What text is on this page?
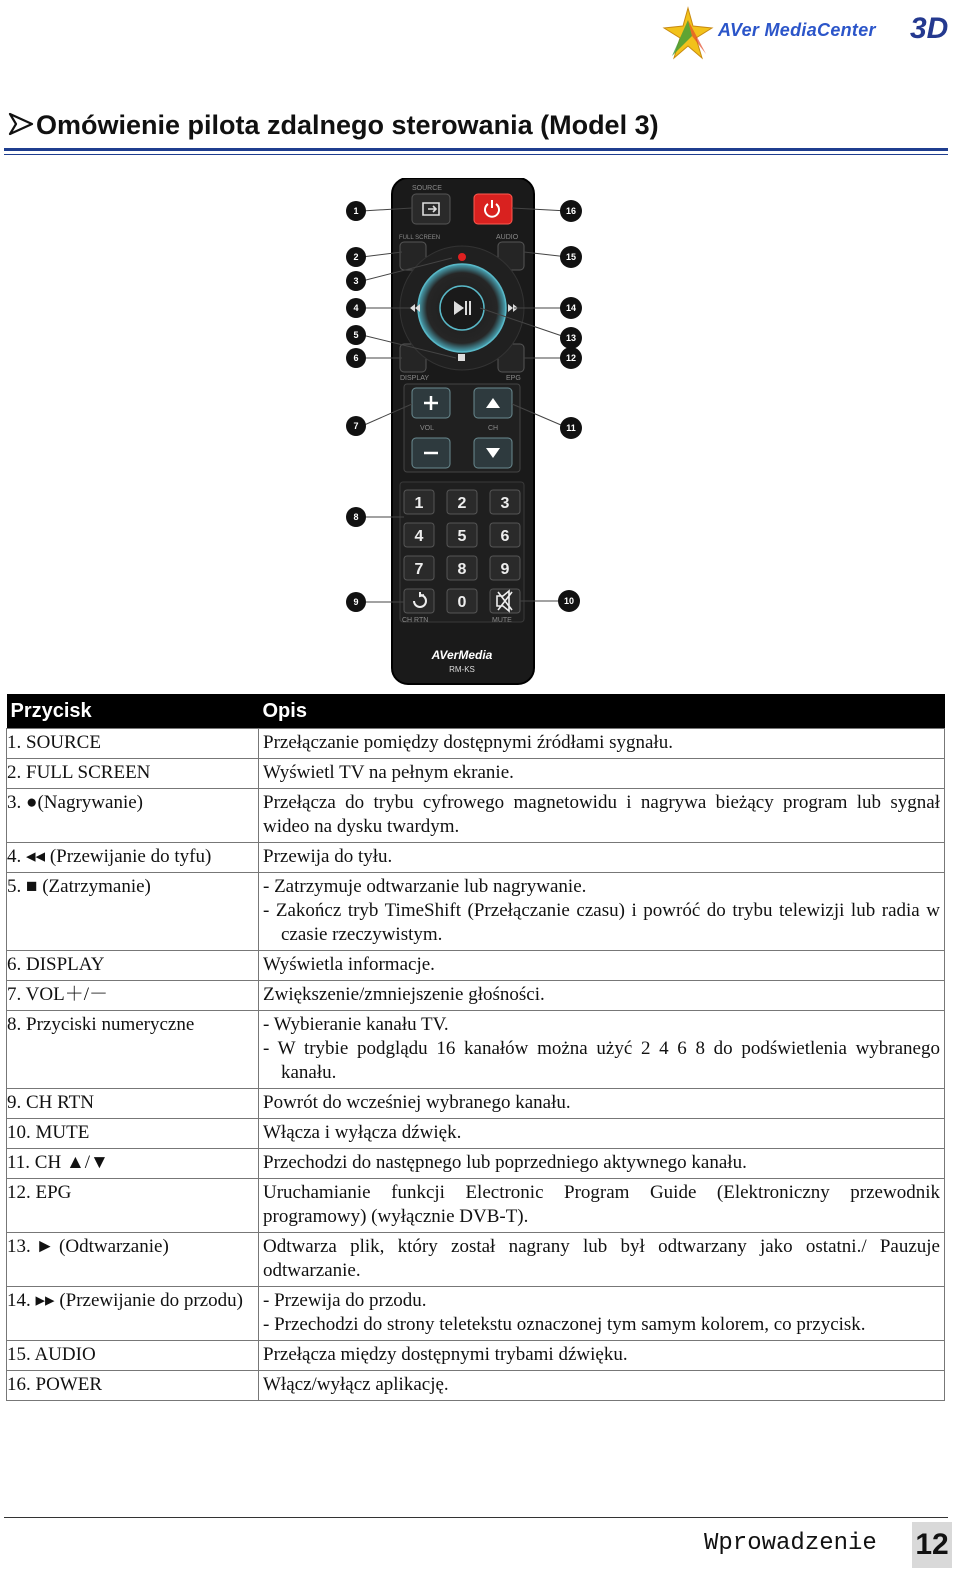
AVer MediaCenter 3D
Omówienie pilota zdalnego sterowania (Model 3)
SOURCE
FULL SCREEN	AUDIO
DISPLAY	EPG
VOL	CH
1 2 3
4 5 6
7 8 9
0
CH RTN	MUTE
AVerMedia
RM-KS
1
2
3
4
5
6
7
8
9	10
11
12
13
14
15
16
Przycisk	Opis
1. SOURCE	Przełączanie pomiędzy dostępnymi źródłami sygnału.

2. FULL SCREEN	Wyświetl TV na pełnym ekranie.

3. ●(Nagrywanie)	Przełącza do trybu cyfrowego magnetowidu i nagrywa bieżący program lub sygnał wideo na dysku twardym.

4. ◂◂ (Przewijanie do tyfu)	Przewija do tyłu.

5. ■ (Zatrzymanie)	- Zatrzymuje odtwarzanie lub nagrywanie.
- Zakończ tryb TimeShift (Przełączanie czasu) i powróć do trybu telewizji lub radia w czasie rzeczywistym.

6. DISPLAY	Wyświetla informacje.

7. VOL＋/－	Zwiększenie/zmniejszenie głośności.

8. Przyciski numeryczne	- Wybieranie kanału TV.
- W trybie podglądu 16 kanałów można użyć 2 4 6 8 do podświetlenia wybranego kanału.

9. CH RTN	Powrót do wcześniej wybranego kanału.

10. MUTE	Włącza i wyłącza dźwięk.

11. CH ▲/▼	Przechodzi do następnego lub poprzedniego aktywnego kanału.

12. EPG	Uruchamianie funkcji Electronic Program Guide (Elektroniczny przewodnik programowy) (wyłącznie DVB-T).

13. ► (Odtwarzanie)	Odtwarza plik, który został nagrany lub był odtwarzany jako ostatni./ Pauzuje odtwarzanie.

14. ▸▸ (Przewijanie do przodu)	- Przewija do przodu.
- Przechodzi do strony teletekstu oznaczonej tym samym kolorem, co przycisk.

15. AUDIO	Przełącza między dostępnymi trybami dźwięku.

16. POWER	Włącz/wyłącz aplikację.
Wprowadzenie 12
